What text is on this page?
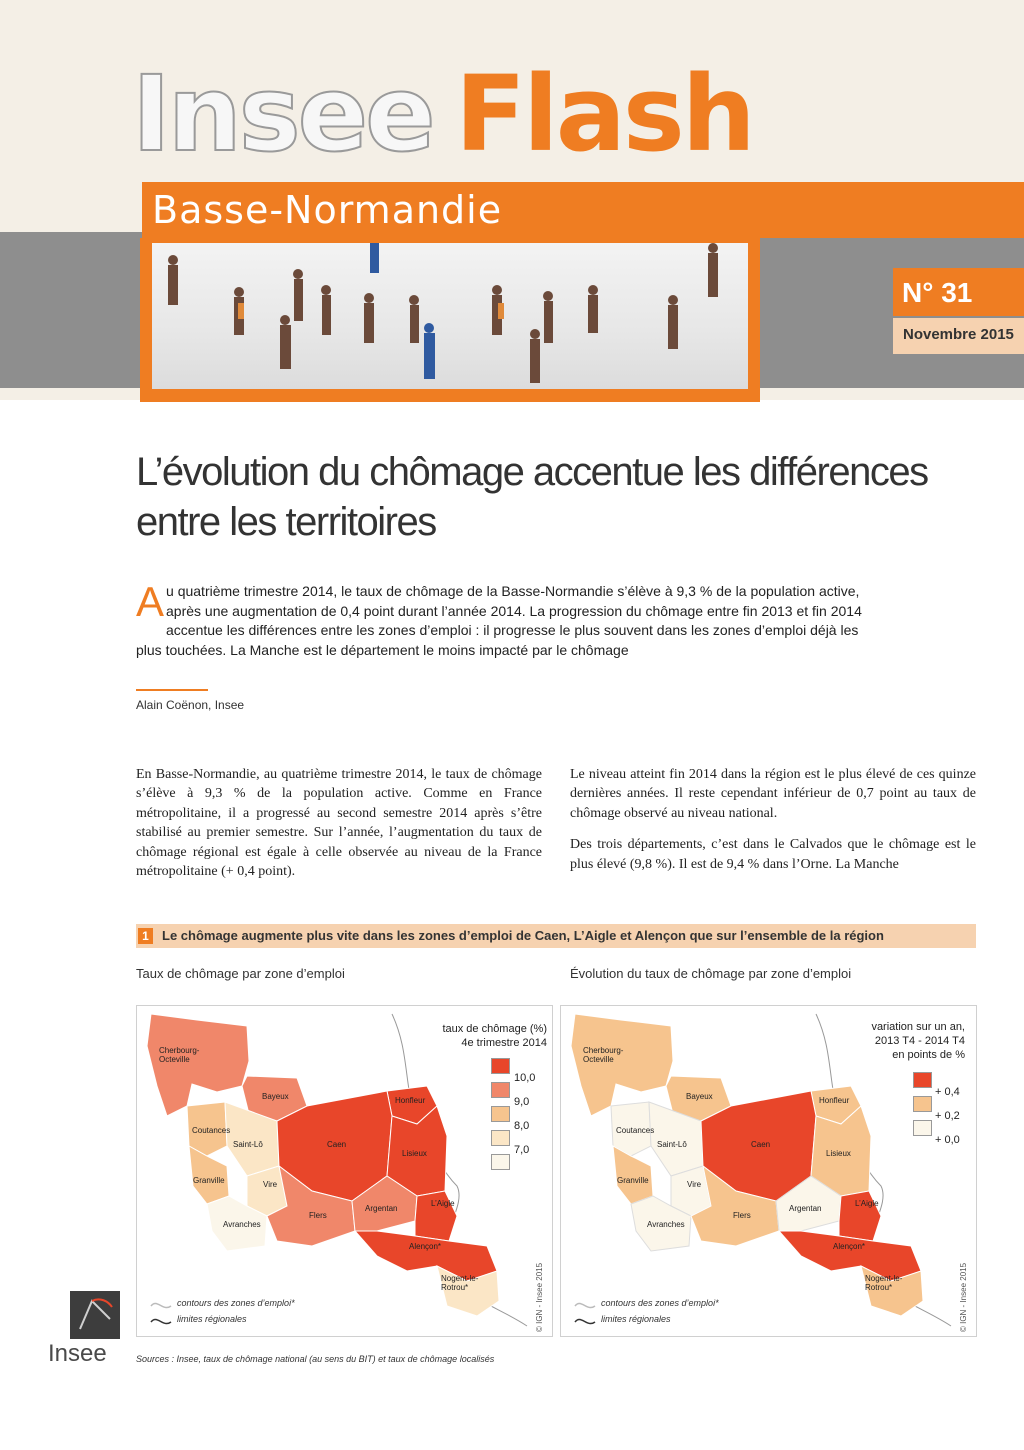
Insee Flash
Basse-Normandie
N° 31
Novembre 2015
L’évolution du chômage accentue les différences
entre les territoires
Au quatrième trimestre 2014, le taux de chômage de la Basse-Normandie s’élève à 9,3 % de la population active, après une augmentation de 0,4 point durant l’année 2014. La progression du chômage entre fin 2013 et fin 2014 accentue les différences entre les zones d’emploi : il progresse le plus souvent dans les zones d’emploi déjà les plus touchées. La Manche est le département le moins impacté par le chômage
Alain Coënon, Insee

En Basse-Normandie, au quatrième trimestre 2014, le taux de chômage s’élève à 9,3 % de la population active. Comme en France métropolitaine, il a progressé au second semestre 2014 après s’être stabilisé au premier semestre. Sur l’année, l’augmentation du taux de chômage régional est égale à celle observée au niveau de la France métropolitaine (+ 0,4 point).

Le niveau atteint fin 2014 dans la région est le plus élevé de ces quinze dernières années. Il reste cependant inférieur de 0,7 point au taux de chômage observé au niveau national.

Des trois départements, c’est dans le Calvados que le chômage est le plus élevé (9,8 %). Il est de 9,4 % dans l’Orne. La Manche

1	Le chômage augmente plus vite dans les zones d’emploi de Caen, L’Aigle et Alençon que sur l’ensemble de la région
Taux de chômage par zone d’emploi	Évolution du taux de chômage par zone d’emploi
Cherbourg-Octeville
Bayeux	Honfleur
Coutances
Saint-Lô	Caen
Lisieux
Granville	Vire
Avranches
Flers
Argentan
L’Aigle
Alençon*
Nogent-le-Rotrou*
taux de chômage (%)
4e trimestre 2014
10,0
9,0
8,0
7,0
contours des zones d’emploi*
limites régionales	© IGN - Insee 2015
Cherbourg-Octeville
Bayeux	Honfleur
Coutances
Saint-Lô	Caen
Lisieux
Granville	Vire
Avranches
Flers
Argentan
L’Aigle
Alençon*
Nogent-le-Rotrou*
variation sur un an,
2013 T4 - 2014 T4
en points de %
+ 0,4
+ 0,2
+ 0,0
contours des zones d’emploi*
limites régionales	© IGN - Insee 2015
Insee	Sources : Insee, taux de chômage national (au sens du BIT) et taux de chômage localisés
